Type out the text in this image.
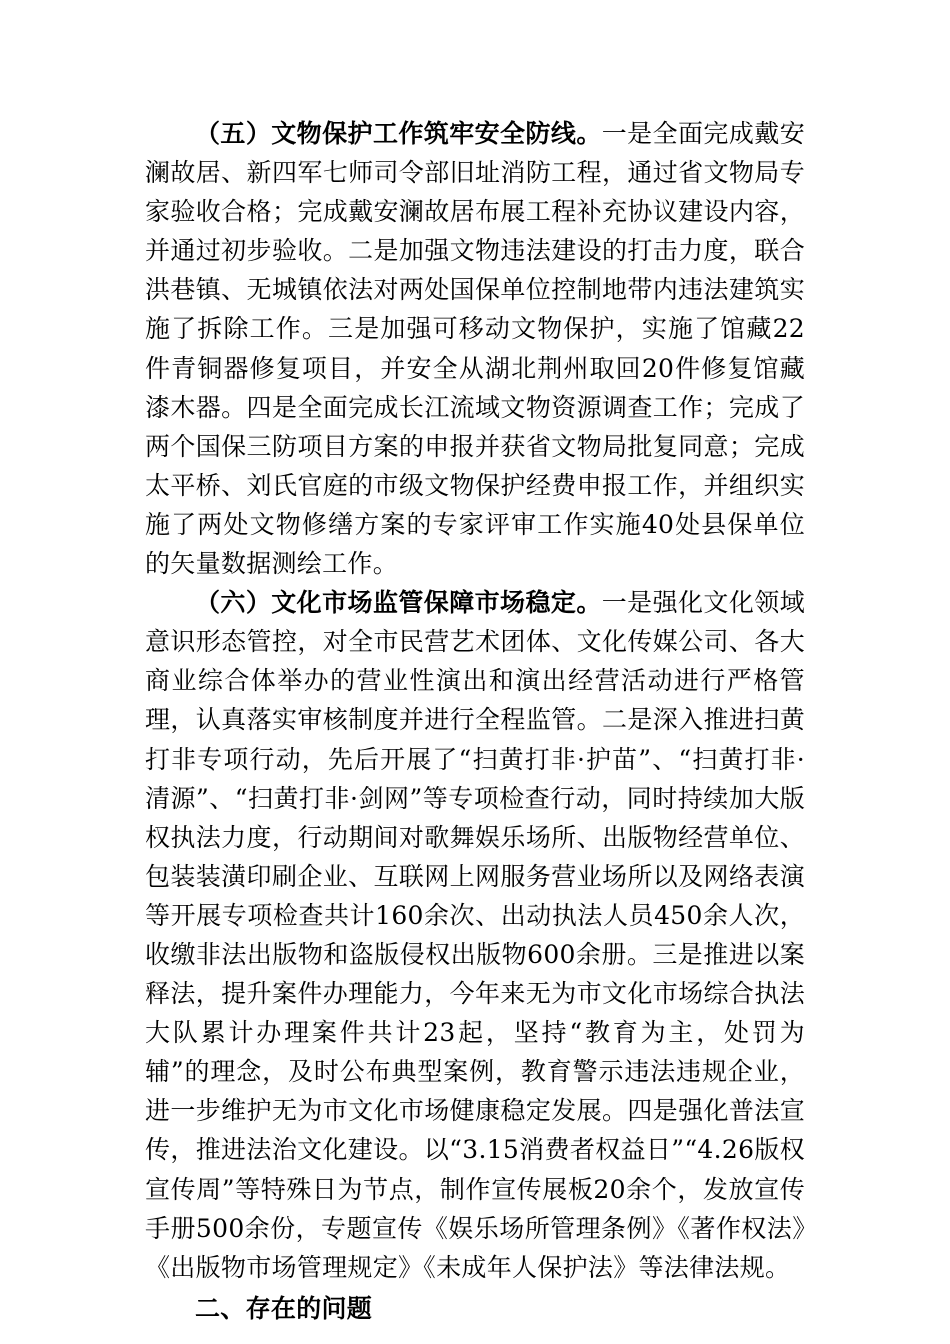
（五）文物保护工作筑牢安全防线。一是全面完成戴安澜故居、新四军七师司令部旧址消防工程，通过省文物局专家验收合格；完成戴安澜故居布展工程补充协议建设内容，并通过初步验收。二是加强文物违法建设的打击力度，联合洪巷镇、无城镇依法对两处国保单位控制地带内违法建筑实施了拆除工作。三是加强可移动文物保护，实施了馆藏22件青铜器修复项目，并安全从湖北荆州取回20件修复馆藏漆木器。四是全面完成长江流域文物资源调查工作；完成了两个国保三防项目方案的申报并获省文物局批复同意；完成太平桥、刘氏官庭的市级文物保护经费申报工作，并组织实施了两处文物修缮方案的专家评审工作实施40处县保单位的矢量数据测绘工作。

（六）文化市场监管保障市场稳定。一是强化文化领域意识形态管控，对全市民营艺术团体、文化传媒公司、各大商业综合体举办的营业性演出和演出经营活动进行严格管理，认真落实审核制度并进行全程监管。二是深入推进扫黄打非专项行动，先后开展了“扫黄打非·护苗”、“扫黄打非·清源”、“扫黄打非·剑网”等专项检查行动，同时持续加大版权执法力度，行动期间对歌舞娱乐场所、出版物经营单位、包装装潢印刷企业、互联网上网服务营业场所以及网络表演等开展专项检查共计160余次、出动执法人员450余人次，收缴非法出版物和盗版侵权出版物600余册。三是推进以案释法，提升案件办理能力，今年来无为市文化市场综合执法大队累计办理案件共计23起，坚持“教育为主，处罚为辅”的理念，及时公布典型案例，教育警示违法违规企业，进一步维护无为市文化市场健康稳定发展。四是强化普法宣传，推进法治文化建设。以“3.15消费者权益日”“4.26版权宣传周”等特殊日为节点，制作宣传展板20余个，发放宣传手册500余份，专题宣传《娱乐场所管理条例》《著作权法》《出版物市场管理规定》《未成年人保护法》等法律法规。

二、存在的问题
